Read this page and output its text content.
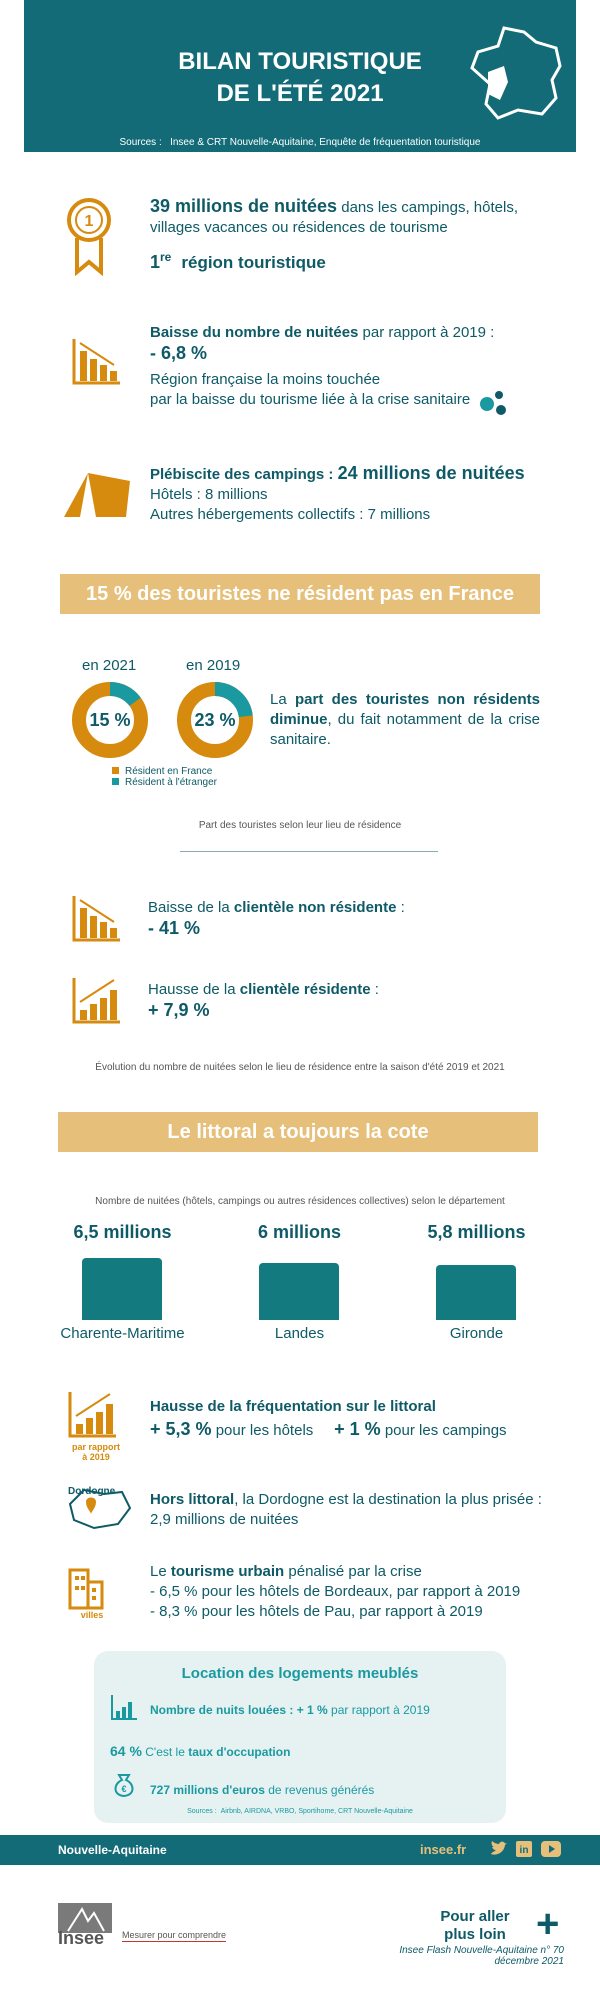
BILAN TOURISTIQUE
DE L'ÉTÉ 2021
Sources : Insee & CRT Nouvelle-Aquitaine, Enquête de fréquentation touristique
1
39 millions de nuitées dans les campings, hôtels,
villages vacances ou résidences de tourisme
1re région touristique
Baisse du nombre de nuitées par rapport à 2019 :
- 6,8 %
Région française la moins touchée
par la baisse du tourisme liée à la crise sanitaire
Plébiscite des campings : 24 millions de nuitées
Hôtels : 8 millions
Autres hébergements collectifs : 7 millions
15 % des touristes ne résident pas en France
en 2021	en 2019
15 %	23 %
La part des touristes non résidents diminue, du fait notamment de la crise sanitaire.
Résident en France
Résident à l'étranger
Part des touristes selon leur lieu de résidence
Baisse de la clientèle non résidente :
- 41 %
Hausse de la clientèle résidente :
+ 7,9 %
Évolution du nombre de nuitées selon le lieu de résidence entre la saison d'été 2019 et 2021
Le littoral a toujours la cote
Nombre de nuitées (hôtels, campings ou autres résidences collectives) selon le département
6,5 millions	6 millions	5,8 millions
Charente-Maritime	Landes	Gironde
par rapport
à 2019
Hausse de la fréquentation sur le littoral
+ 5,3 % pour les hôtels + 1 % pour les campings
Dordogne Hors littoral, la Dordogne est la destination la plus prisée :
2,9 millions de nuitées
villes
Le tourisme urbain pénalisé par la crise
- 6,5 % pour les hôtels de Bordeaux, par rapport à 2019
- 8,3 % pour les hôtels de Pau, par rapport à 2019
Location des logements meublés
Nombre de nuits louées : + 1 % par rapport à 2019
64 % C'est le taux d'occupation
€ 727 millions d'euros de revenus générés
Sources : Airbnb, AIRDNA, VRBO, Sportihome, CRT Nouvelle-Aquitaine
Nouvelle-Aquitaine	insee.fr	in
Insee Mesurer pour comprendre
Pour aller
plus loin +
Insee Flash Nouvelle-Aquitaine n° 70
décembre 2021
